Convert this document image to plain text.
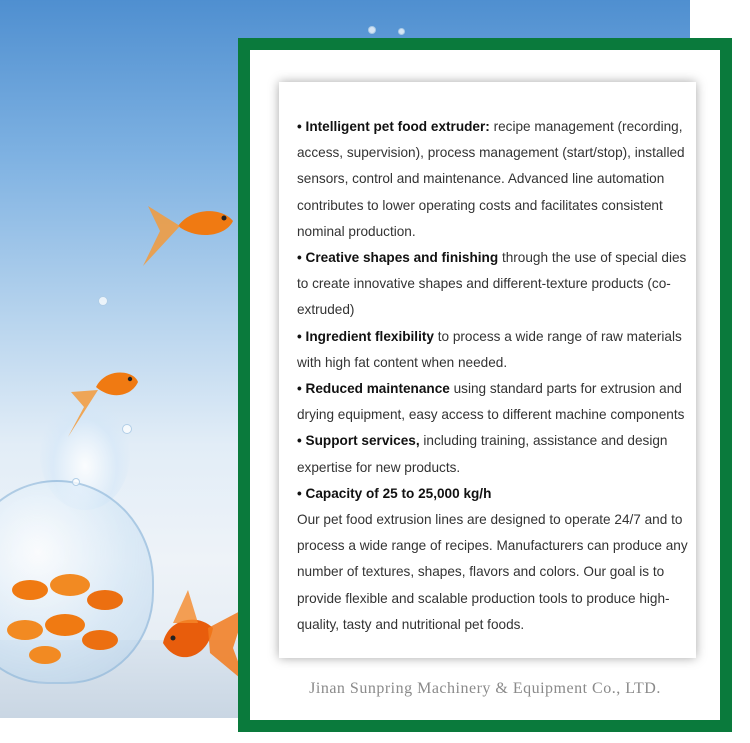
• Intelligent pet food extruder: recipe management (recording, access, supervision), process management (start/stop), installed sensors, control and maintenance. Advanced line automation contributes to lower operating costs and facilitates consistent nominal production.

• Creative shapes and finishing through the use of special dies to create innovative shapes and different-texture products (co-extruded)

• Ingredient flexibility to process a wide range of raw materials with high fat content when needed.

• Reduced maintenance using standard parts for extrusion and drying equipment, easy access to different machine components

• Support services, including training, assistance and design expertise for new products.

• Capacity of 25 to 25,000 kg/h

Our pet food extrusion lines are designed to operate 24/7 and to process a wide range of recipes. Manufacturers can produce any number of textures, shapes, flavors and colors. Our goal is to provide flexible and scalable production tools to produce high-quality, tasty and nutritional pet foods.

Jinan Sunpring Machinery & Equipment Co., LTD.
